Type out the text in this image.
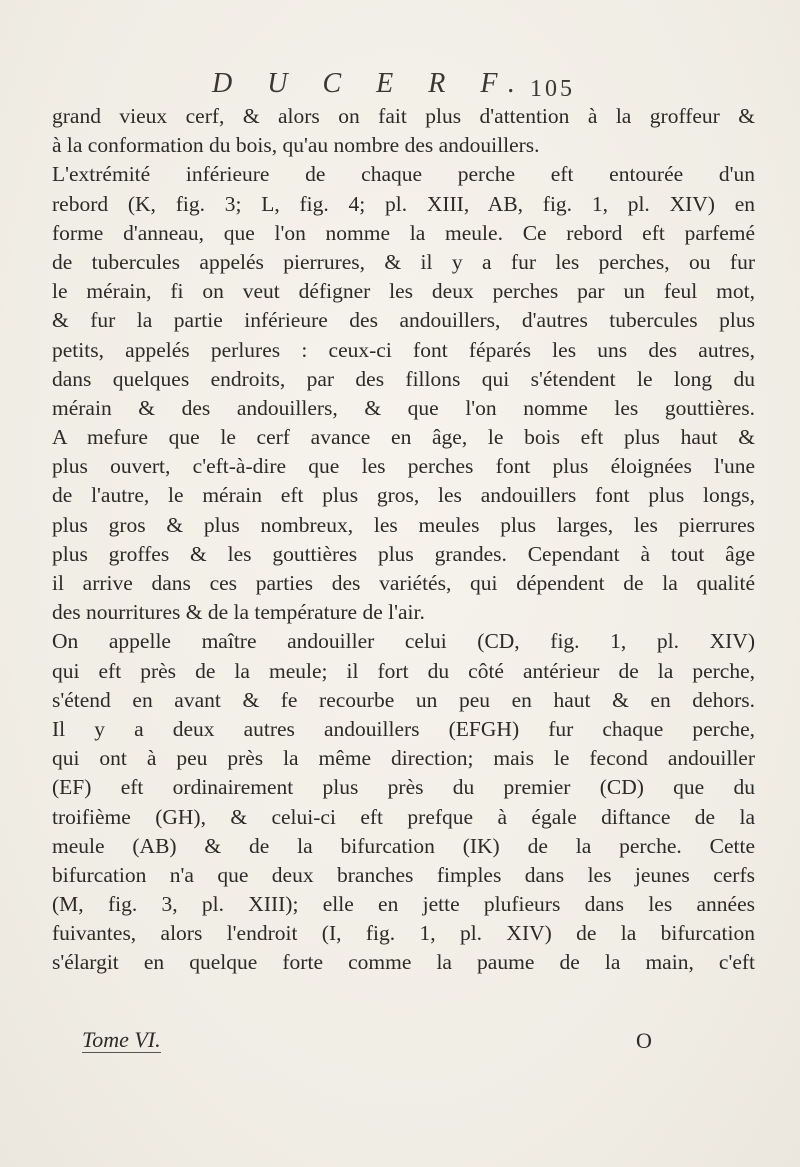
D U C E R F. 105
grand vieux cerf, & alors on fait plus d'attention à la groffeur &
à la conformation du bois, qu'au nombre des andouillers.
L'extrémité inférieure de chaque perche eft entourée d'un
rebord (K, fig. 3; L, fig. 4; pl. XIII, AB, fig. 1, pl. XIV) en
forme d'anneau, que l'on nomme la meule. Ce rebord eft parfemé
de tubercules appelés pierrures, & il y a fur les perches, ou fur
le mérain, fi on veut défigner les deux perches par un feul mot,
& fur la partie inférieure des andouillers, d'autres tubercules plus
petits, appelés perlures : ceux-ci font féparés les uns des autres,
dans quelques endroits, par des fillons qui s'étendent le long du
mérain & des andouillers, & que l'on nomme les gouttières.
A mefure que le cerf avance en âge, le bois eft plus haut &
plus ouvert, c'eft-à-dire que les perches font plus éloignées l'une
de l'autre, le mérain eft plus gros, les andouillers font plus longs,
plus gros & plus nombreux, les meules plus larges, les pierrures
plus groffes & les gouttières plus grandes. Cependant à tout âge
il arrive dans ces parties des variétés, qui dépendent de la qualité
des nourritures & de la température de l'air.
On appelle maître andouiller celui (CD, fig. 1, pl. XIV)
qui eft près de la meule; il fort du côté antérieur de la perche,
s'étend en avant & fe recourbe un peu en haut & en dehors.
Il y a deux autres andouillers (EFGH) fur chaque perche,
qui ont à peu près la même direction; mais le fecond andouiller
(EF) eft ordinairement plus près du premier (CD) que du
troifième (GH), & celui-ci eft prefque à égale diftance de la
meule (AB) & de la bifurcation (IK) de la perche. Cette
bifurcation n'a que deux branches fimples dans les jeunes cerfs
(M, fig. 3, pl. XIII); elle en jette plufieurs dans les années
fuivantes, alors l'endroit (I, fig. 1, pl. XIV) de la bifurcation
s'élargit en quelque forte comme la paume de la main, c'eft
Tome VI.	O
